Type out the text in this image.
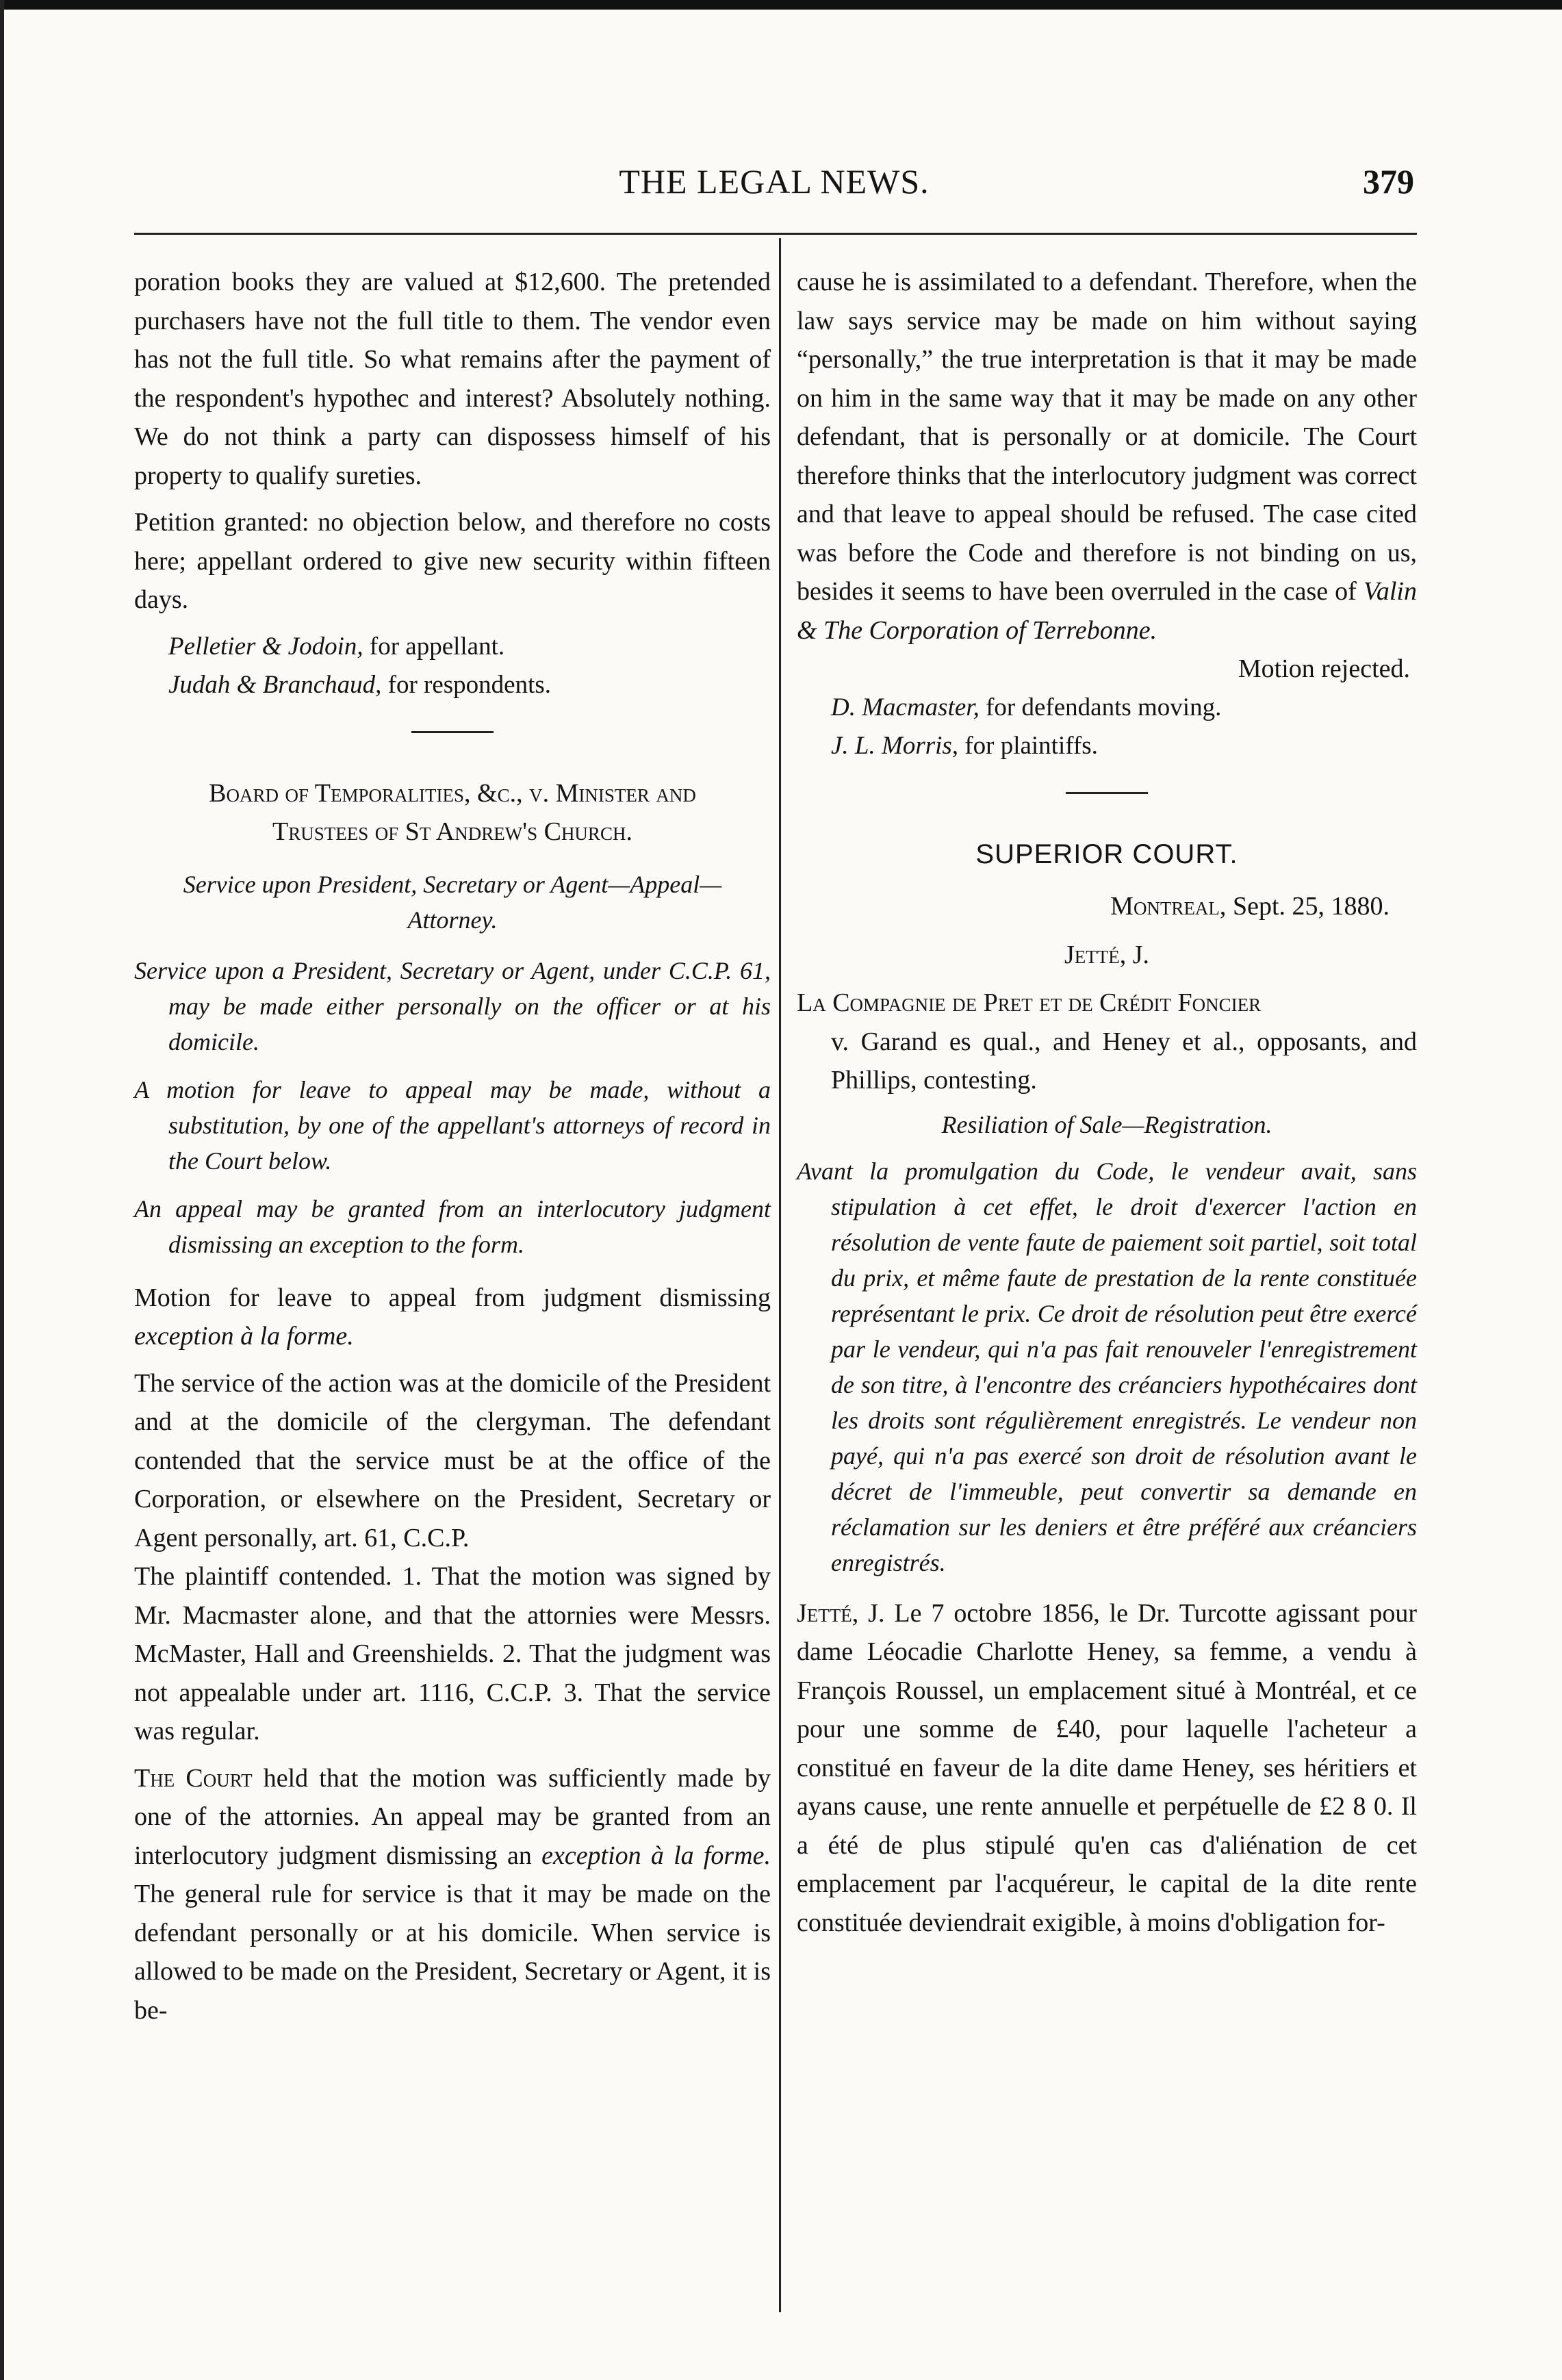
THE LEGAL NEWS.	379

poration books they are valued at $12,600. The pretended purchasers have not the full title to them. The vendor even has not the full title. So what remains after the payment of the respondent's hypothec and interest? Absolutely nothing. We do not think a party can dispossess himself of his property to qualify sureties.

Petition granted: no objection below, and therefore no costs here; appellant ordered to give new security within fifteen days.

Pelletier & Jodoin, for appellant.

Judah & Branchaud, for respondents.

Board of Temporalities, &c., v. Minister and

Trustees of St Andrew's Church.

Service upon President, Secretary or Agent—Appeal—Attorney.

Service upon a President, Secretary or Agent, under C.C.P. 61, may be made either personally on the officer or at his domicile.

A motion for leave to appeal may be made, without a substitution, by one of the appellant's attorneys of record in the Court below.

An appeal may be granted from an interlocutory judgment dismissing an exception to the form.

Motion for leave to appeal from judgment dismissing exception à la forme.

The service of the action was at the domicile of the President and at the domicile of the clergyman. The defendant contended that the service must be at the office of the Corporation, or elsewhere on the President, Secretary or Agent personally, art. 61, C.C.P.

The plaintiff contended. 1. That the motion was signed by Mr. Macmaster alone, and that the attornies were Messrs. McMaster, Hall and Greenshields. 2. That the judgment was not appealable under art. 1116, C.C.P. 3. That the service was regular.

The Court held that the motion was sufficiently made by one of the attornies. An appeal may be granted from an interlocutory judgment dismissing an exception à la forme. The general rule for service is that it may be made on the defendant personally or at his domicile. When service is allowed to be made on the President, Secretary or Agent, it is be-

cause he is assimilated to a defendant. Therefore, when the law says service may be made on him without saying “personally,” the true interpretation is that it may be made on him in the same way that it may be made on any other defendant, that is personally or at domicile. The Court therefore thinks that the interlocutory judgment was correct and that leave to appeal should be refused. The case cited was before the Code and therefore is not binding on us, besides it seems to have been overruled in the case of Valin & The Corporation of Terrebonne.

Motion rejected.

D. Macmaster, for defendants moving.

J. L. Morris, for plaintiffs.

SUPERIOR COURT.

Montreal, Sept. 25, 1880.

Jetté, J.

La Compagnie de Pret et de Crédit Foncier

v. Garand es qual., and Heney et al., opposants, and Phillips, contesting.

Resiliation of Sale—Registration.

Avant la promulgation du Code, le vendeur avait, sans stipulation à cet effet, le droit d'exercer l'action en résolution de vente faute de paiement soit partiel, soit total du prix, et même faute de prestation de la rente constituée représentant le prix. Ce droit de résolution peut être exercé par le vendeur, qui n'a pas fait renouveler l'enregistrement de son titre, à l'encontre des créanciers hypothécaires dont les droits sont régulièrement enregistrés. Le vendeur non payé, qui n'a pas exercé son droit de résolution avant le décret de l'immeuble, peut convertir sa demande en réclamation sur les deniers et être préféré aux créanciers enregistrés.

Jetté, J. Le 7 octobre 1856, le Dr. Turcotte agissant pour dame Léocadie Charlotte Heney, sa femme, a vendu à François Roussel, un emplacement situé à Montréal, et ce pour une somme de £40, pour laquelle l'acheteur a constitué en faveur de la dite dame Heney, ses héritiers et ayans cause, une rente annuelle et perpétuelle de £2 8 0. Il a été de plus stipulé qu'en cas d'aliénation de cet emplacement par l'acquéreur, le capital de la dite rente constituée deviendrait exigible, à moins d'obligation for-
